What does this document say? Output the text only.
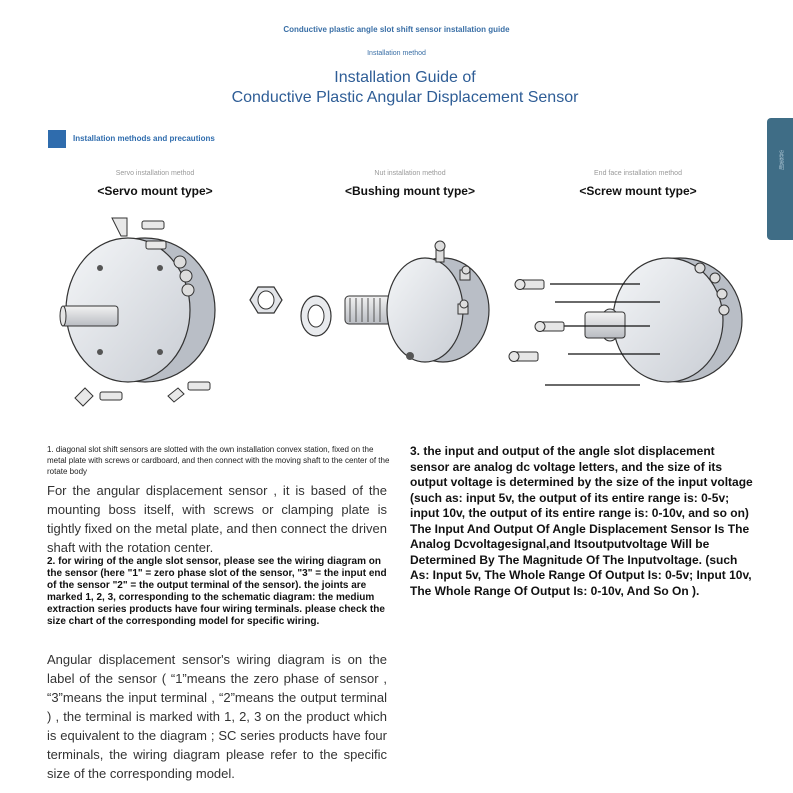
Conductive plastic angle slot shift sensor installation guide
Installation method
Installation Guide of
Conductive Plastic Angular Displacement Sensor
Installation methods and precautions
安装说明
Servo installation method
<Servo mount type>
Nut installation method
<Bushing mount type>
End face installation method
<Screw mount type>
1. diagonal slot shift sensors are slotted with the own installation convex station, fixed on the metal plate with screws or cardboard, and then connect with the moving shaft to the center of the rotate body
For the angular displacement sensor , it is based of the mounting boss itself, with screws or clamping plate is tightly fixed on the metal plate, and then connect the driven shaft with the rotation center.
2. for wiring of the angle slot sensor, please see the wiring diagram on the sensor (here "1" = zero phase slot of the sensor, "3" = the input end of the sensor "2" = the output terminal of the sensor). the joints are marked 1, 2, 3, corresponding to the schematic diagram: the medium extraction series products have four wiring terminals. please check the size chart of the corresponding model for specific wiring.
Angular displacement sensor's wiring diagram is on the label of the sensor ( “1”means the zero phase of sensor , “3”means the input terminal , “2”means the output terminal ) , the terminal is marked with 1, 2, 3 on the product which is equivalent to the diagram ; SC series products have four terminals, the wiring diagram please refer to the specific size of the corresponding model.
3. the input and output of the angle slot displacement sensor are analog dc voltage letters, and the size of its output voltage is determined by the size of the input voltage (such as: input 5v, the output of its entire range is: 0-5v; input 10v, the output of its entire range is: 0-10v, and so on) The Input And Output Of Angle Displacement Sensor Is The Analog Dcvoltagesignal,and Itsoutputvoltage Will be Determined By The Magnitude Of The Inputvoltage. (such As: Input 5v, The Whole Range Of Output Is: 0-5v; Input 10v, The Whole Range Of Output Is: 0-10v, And So On ).
